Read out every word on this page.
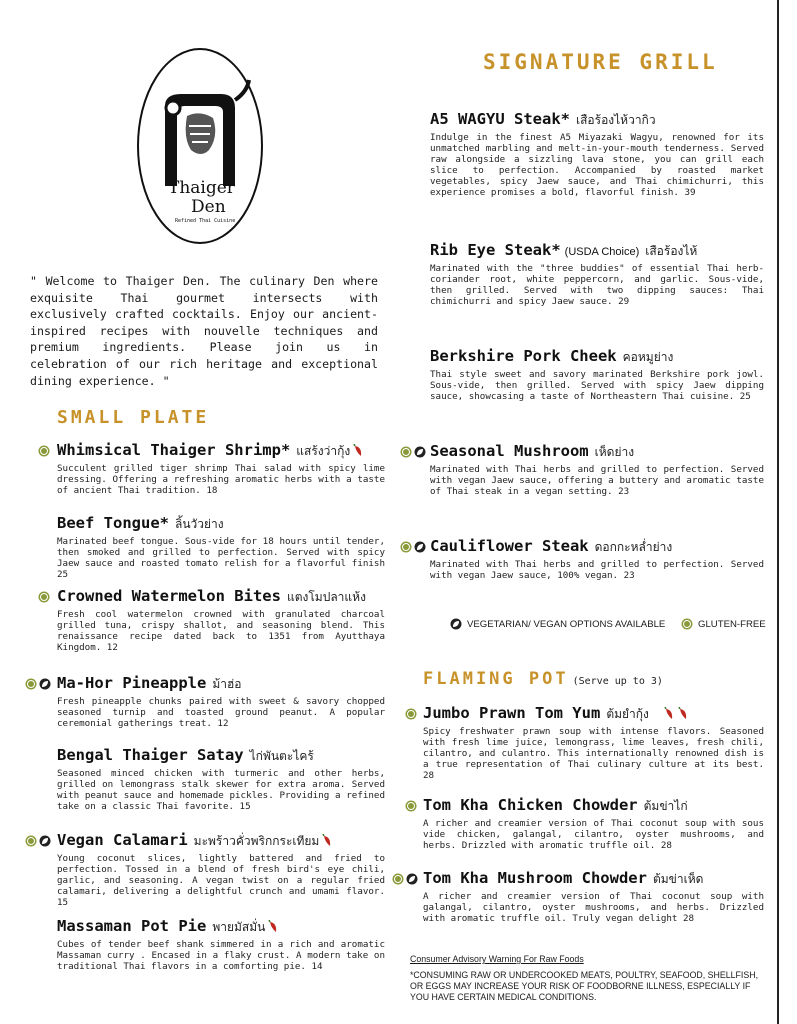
Thaiger
Den
Refined Thai Cuisine
" Welcome to Thaiger Den. The culinary Den where exquisite Thai gourmet intersects with exclusively crafted cocktails. Enjoy our ancient-inspired recipes with nouvelle techniques and premium ingredients. Please join us in celebration of our rich heritage and exceptional dining experience. "
SIGNATURE GRILL
A5 WAGYU Steak* เสือร้องไห้วากิว
Indulge in the finest A5 Miyazaki Wagyu, renowned for its unmatched marbling and melt-in-your-mouth tenderness. Served raw alongside a sizzling lava stone, you can grill each slice to perfection. Accompanied by roasted market vegetables, spicy Jaew sauce, and Thai chimichurri, this experience promises a bold, flavorful finish. 39
Rib Eye Steak* (USDA Choice) เสือร้องไห้
Marinated with the "three buddies" of essential Thai herb-coriander root, white peppercorn, and garlic. Sous-vide, then grilled. Served with two dipping sauces: Thai chimichurri and spicy Jaew sauce. 29
Berkshire Pork Cheek คอหมูย่าง
Thai style sweet and savory marinated Berkshire pork jowl. Sous-vide, then grilled. Served with spicy Jaew dipping sauce, showcasing a taste of Northeastern Thai cuisine. 25
Seasonal Mushroom เห็ดย่าง
Marinated with Thai herbs and grilled to perfection. Served with vegan Jaew sauce, offering a buttery and aromatic taste of Thai steak in a vegan setting. 23
Cauliflower Steak ดอกกะหล่ำย่าง
Marinated with Thai herbs and grilled to perfection. Served with vegan Jaew sauce, 100% vegan. 23
VEGETARIAN/ VEGAN OPTIONS AVAILABLE	GLUTEN-FREE
SMALL PLATE
Whimsical Thaiger Shrimp* แสร้งว่ากุ้ง
Succulent grilled tiger shrimp Thai salad with spicy lime dressing. Offering a refreshing aromatic herbs with a taste of ancient Thai tradition. 18
Beef Tongue* ลิ้นวัวย่าง
Marinated beef tongue. Sous-vide for 18 hours until tender, then smoked and grilled to perfection. Served with spicy Jaew sauce and roasted tomato relish for a flavorful finish 25
Crowned Watermelon Bites แตงโมปลาแห้ง
Fresh cool watermelon crowned with granulated charcoal grilled tuna, crispy shallot, and seasoning blend. This renaissance recipe dated back to 1351 from Ayutthaya Kingdom. 12
Ma-Hor Pineapple ม้าฮ่อ
Fresh pineapple chunks paired with sweet & savory chopped seasoned turnip and toasted ground peanut. A popular ceremonial gatherings treat. 12
Bengal Thaiger Satay ไก่พันตะไคร้
Seasoned minced chicken with turmeric and other herbs, grilled on lemongrass stalk skewer for extra aroma. Served with peanut sauce and homemade pickles. Providing a refined take on a classic Thai favorite. 15
Vegan Calamari มะพร้าวคั่วพริกกระเทียม
Young coconut slices, lightly battered and fried to perfection. Tossed in a blend of fresh bird's eye chili, garlic, and seasoning. A vegan twist on a regular fried calamari, delivering a delightful crunch and umami flavor. 15
Massaman Pot Pie พายมัสมั่น
Cubes of tender beef shank simmered in a rich and aromatic Massaman curry . Encased in a flaky crust. A modern take on traditional Thai flavors in a comforting pie. 14
FLAMING POT (Serve up to 3)
Jumbo Prawn Tom Yum ต้มยำกุ้ง
Spicy freshwater prawn soup with intense flavors. Seasoned with fresh lime juice, lemongrass, lime leaves, fresh chili, cilantro, and culantro. This internationally renowned dish is a true representation of Thai culinary culture at its best. 28
Tom Kha Chicken Chowder ต้มข่าไก่
A richer and creamier version of Thai coconut soup with sous vide chicken, galangal, cilantro, oyster mushrooms, and herbs. Drizzled with aromatic truffle oil. 28
Tom Kha Mushroom Chowder ต้มข่าเห็ด
A richer and creamier version of Thai coconut soup with galangal, cilantro, oyster mushrooms, and herbs. Drizzled with aromatic truffle oil. Truly vegan delight 28
Consumer Advisory Warning For Raw Foods
*CONSUMING RAW OR UNDERCOOKED MEATS, POULTRY, SEAFOOD, SHELLFISH, OR EGGS MAY INCREASE YOUR RISK OF FOODBORNE ILLNESS, ESPECIALLY IF YOU HAVE CERTAIN MEDICAL CONDITIONS.
